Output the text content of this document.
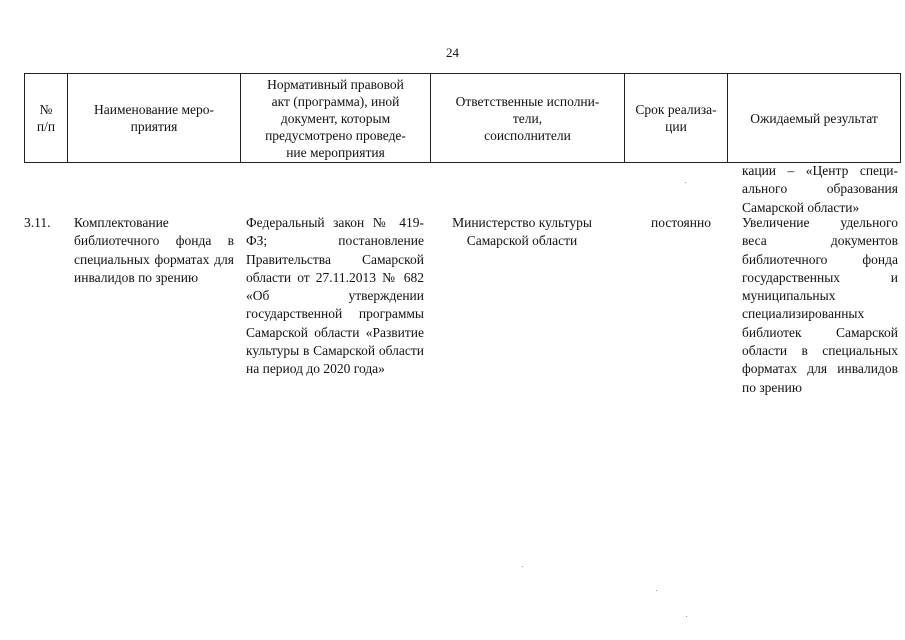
24
№
п/п
Наименование меро-
приятия
Нормативный правовой
акт (программа), иной
документ, которым
предусмотрено проведе-
ние мероприятия
Ответственные исполни-
тели,
соисполнители
Срок реализа-
ции
Ожидаемый результат
кации – «Центр специ-альногo образования Самарской области»
3.11.	Комплектование библиотечного фонда в специальных форматах для инвалидов по зрению
Федеральный закон № 419-ФЗ; постановление Правительства Самарской области от 27.11.2013 № 682 «Об утверждении государственной программы Самарской области «Развитие культуры в Самарской области на период до 2020 года»
Министерство культуры Самарской области
постоянно	Увеличение удельного веса документов библиотечного фонда государственных и муниципальных специализированных библиотек Самарской области в специальных форматах для инвалидов по зрению
